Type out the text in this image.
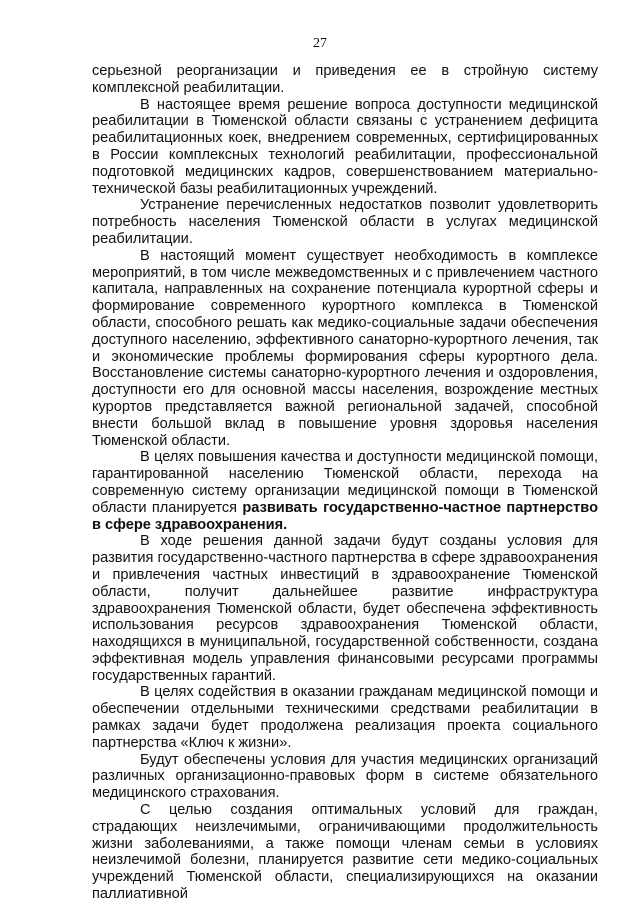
27

серьезной реорганизации и приведения ее в стройную систему комплексной реабилитации.

В настоящее время решение вопроса доступности медицинской реабилитации в Тюменской области связаны с устранением дефицита реабилитационных коек, внедрением современных, сертифицированных в России комплексных технологий реабилитации, профессиональной подготовкой медицинских кадров, совершенствованием материально-технической базы реабилитационных учреждений.

Устранение перечисленных недостатков позволит удовлетворить потребность населения Тюменской области в услугах медицинской реабилитации.

В настоящий момент существует необходимость в комплексе мероприятий, в том числе межведомственных и с привлечением частного капитала, направленных на сохранение потенциала курортной сферы и формирование современного курортного комплекса в Тюменской области, способного решать как медико-социальные задачи обеспечения доступного населению, эффективного санаторно-курортного лечения, так и экономические проблемы формирования сферы курортного дела. Восстановление системы санаторно-курортного лечения и оздоровления, доступности его для основной массы населения, возрождение местных курортов представляется важной региональной задачей, способной внести большой вклад в повышение уровня здоровья населения Тюменской области.

В целях повышения качества и доступности медицинской помощи, гарантированной населению Тюменской области, перехода на современную систему организации медицинской помощи в Тюменской области планируется развивать государственно-частное партнерство в сфере здравоохранения.

В ходе решения данной задачи будут созданы условия для развития государственно-частного партнерства в сфере здравоохранения и привлечения частных инвестиций в здравоохранение Тюменской области, получит дальнейшее развитие инфраструктура здравоохранения Тюменской области, будет обеспечена эффективность использования ресурсов здравоохранения Тюменской области, находящихся в муниципальной, государственной собственности, создана эффективная модель управления финансовыми ресурсами программы государственных гарантий.

В целях содействия в оказании гражданам медицинской помощи и обеспечении отдельными техническими средствами реабилитации в рамках задачи будет продолжена реализация проекта социального партнерства «Ключ к жизни».

Будут обеспечены условия для участия медицинских организаций различных организационно-правовых форм в системе обязательного медицинского страхования.

С целью создания оптимальных условий для граждан, страдающих неизлечимыми, ограничивающими продолжительность жизни заболеваниями, а также помощи членам семьи в условиях неизлечимой болезни, планируется развитие сети медико-социальных учреждений Тюменской области, специализирующихся на оказании паллиативной
